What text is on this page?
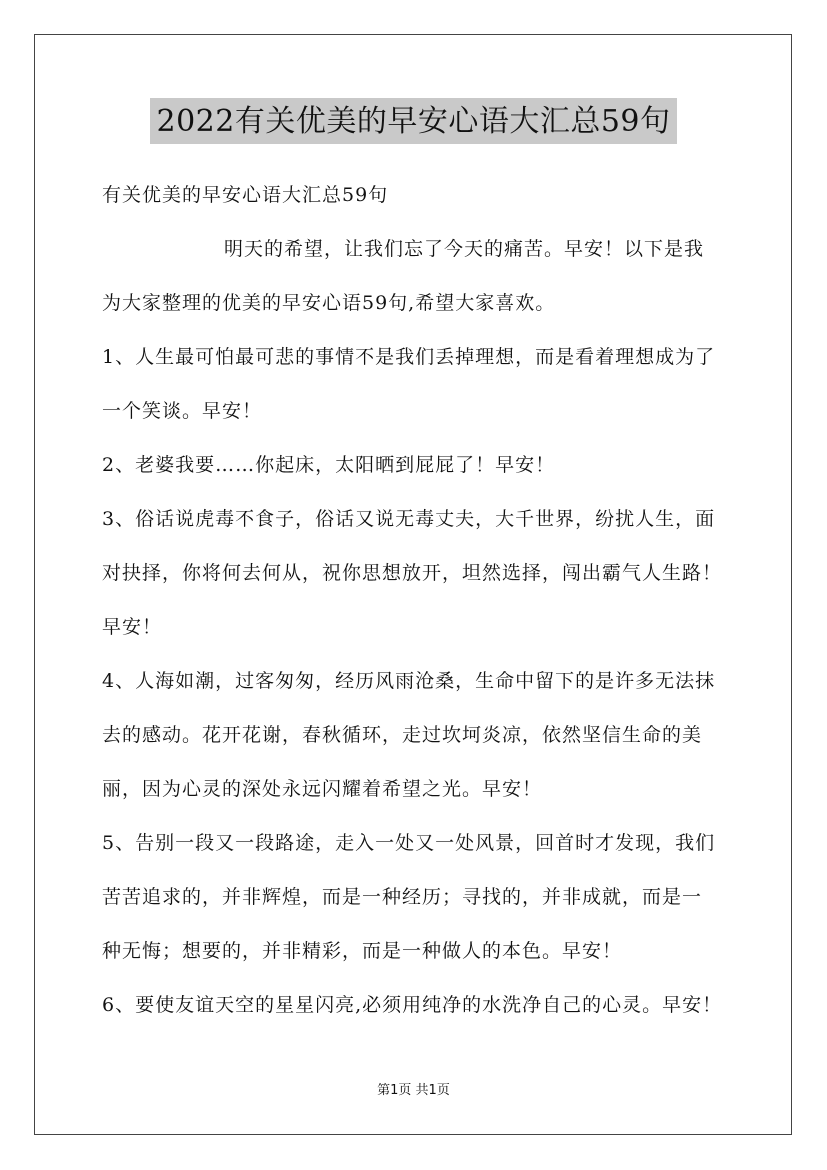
2022有关优美的早安心语大汇总59句
有关优美的早安心语大汇总59句
明天的希望，让我们忘了今天的痛苦。早安！以下是我
为大家整理的优美的早安心语59句,希望大家喜欢。
1、人生最可怕最可悲的事情不是我们丢掉理想，而是看着理想成为了
一个笑谈。早安！
2、老婆我要……你起床，太阳晒到屁屁了！早安！
3、俗话说虎毒不食子，俗话又说无毒丈夫，大千世界，纷扰人生，面
对抉择，你将何去何从，祝你思想放开，坦然选择，闯出霸气人生路！
早安！
4、人海如潮，过客匆匆，经历风雨沧桑，生命中留下的是许多无法抹
去的感动。花开花谢，春秋循环，走过坎坷炎凉，依然坚信生命的美
丽，因为心灵的深处永远闪耀着希望之光。早安！
5、告别一段又一段路途，走入一处又一处风景，回首时才发现，我们
苦苦追求的，并非辉煌，而是一种经历；寻找的，并非成就，而是一
种无悔；想要的，并非精彩，而是一种做人的本色。早安！
6、要使友谊天空的星星闪亮,必须用纯净的水洗净自己的心灵。早安！
第1页 共1页
